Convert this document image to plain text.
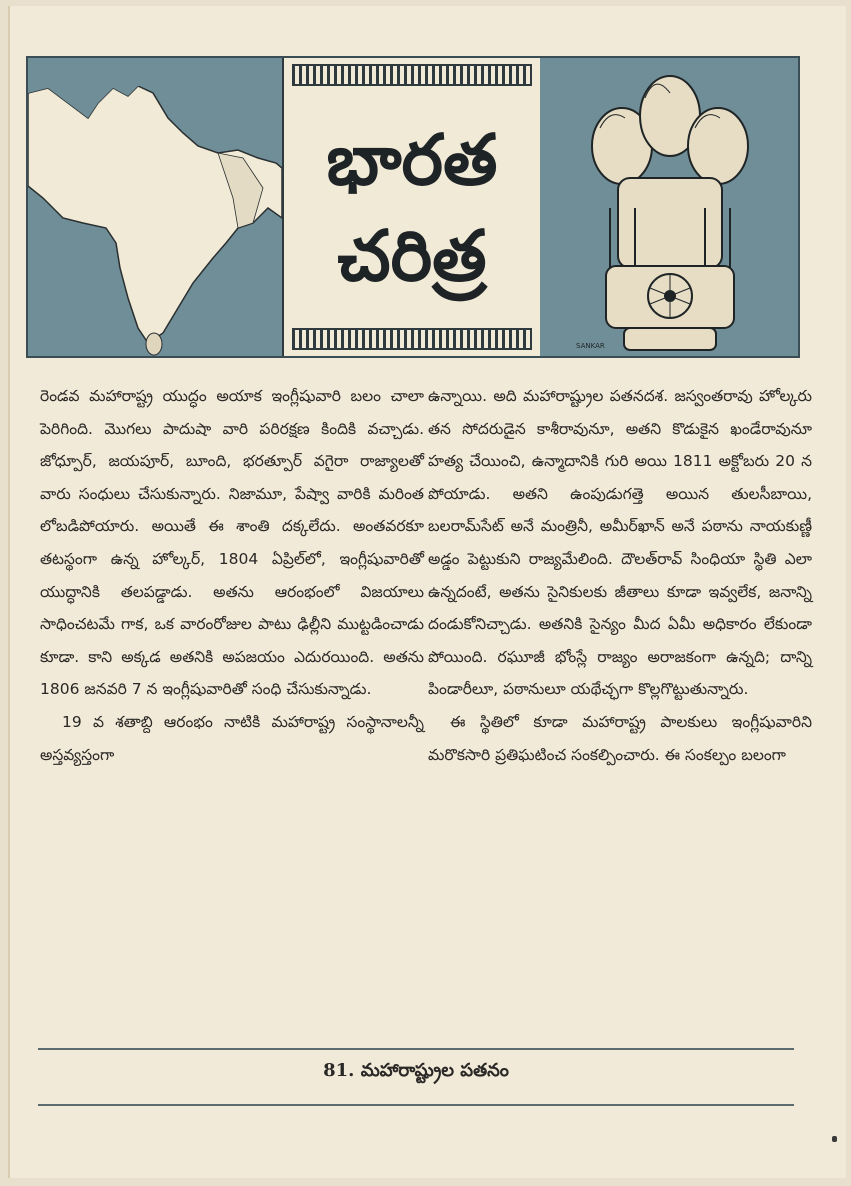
భారత
చరిత్ర
SANKAR

రెండవ మహారాష్ట్ర యుద్ధం అయాక ఇంగ్లీషువారి బలం చాలా పెరిగింది. మొగలు పాదుషా వారి పరిరక్షణ కిందికి వచ్చాడు. జోధ్పూర్, జయపూర్, బూంది, భరత్పూర్ వగైరా రాజ్యాలతో వారు సంధులు చేసుకున్నారు. నిజామూ, పేష్వా వారికి మరింత లోబడిపోయారు. అయితే ఈ శాంతి దక్కలేదు. అంతవరకూ తటస్థంగా ఉన్న హోల్కర్, 1804 ఏప్రిల్‌లో, ఇంగ్లీషువారితో యుద్ధానికి తలపడ్డాడు. అతను ఆరంభంలో విజయాలు సాధించటమే గాక, ఒక వారంరోజుల పాటు ఢిల్లీని ముట్టడించాడు కూడా. కాని అక్కడ అతనికి అపజయం ఎదురయింది. అతను 1806 జనవరి 7 న ఇంగ్లీషువారితో సంధి చేసుకున్నాడు.

19 వ శతాబ్ది ఆరంభం నాటికి మహారాష్ట్ర సంస్థానాలన్నీ అస్తవ్యస్తంగా

ఉన్నాయి. అది మహారాష్ట్రుల పతనదశ. జస్వంతరావు హోల్కరు తన సోదరుడైన కాశీరావునూ, అతని కొడుకైన ఖండేరావునూ హత్య చేయించి, ఉన్మాదానికి గురి అయి 1811 అక్టోబరు 20 న పోయాడు. అతని ఉంపుడుగత్తె అయిన తులసీబాయి, బలరామ్‌సేట్ అనే మంత్రినీ, అమీర్‌ఖాన్ అనే పఠాను నాయకుణ్ణీ అడ్డం పెట్టుకుని రాజ్యమేలింది. దౌలత్‌రావ్ సింధియా స్థితి ఎలా ఉన్నదంటే, అతను సైనికులకు జీతాలు కూడా ఇవ్వలేక, జనాన్ని దండుకోనిచ్చాడు. అతనికి సైన్యం మీద ఏమీ అధికారం లేకుండా పోయింది. రఘూజీ భోంస్లే రాజ్యం అరాజకంగా ఉన్నది; దాన్ని పిండారీలూ, పఠానులూ యథేచ్ఛగా కొల్లగొట్టుతున్నారు.

ఈ స్థితిలో కూడా మహారాష్ట్ర పాలకులు ఇంగ్లీషువారిని మరొకసారి ప్రతిఘటించ సంకల్పించారు. ఈ సంకల్పం బలంగా

81. మహారాష్ట్రుల పతనం
